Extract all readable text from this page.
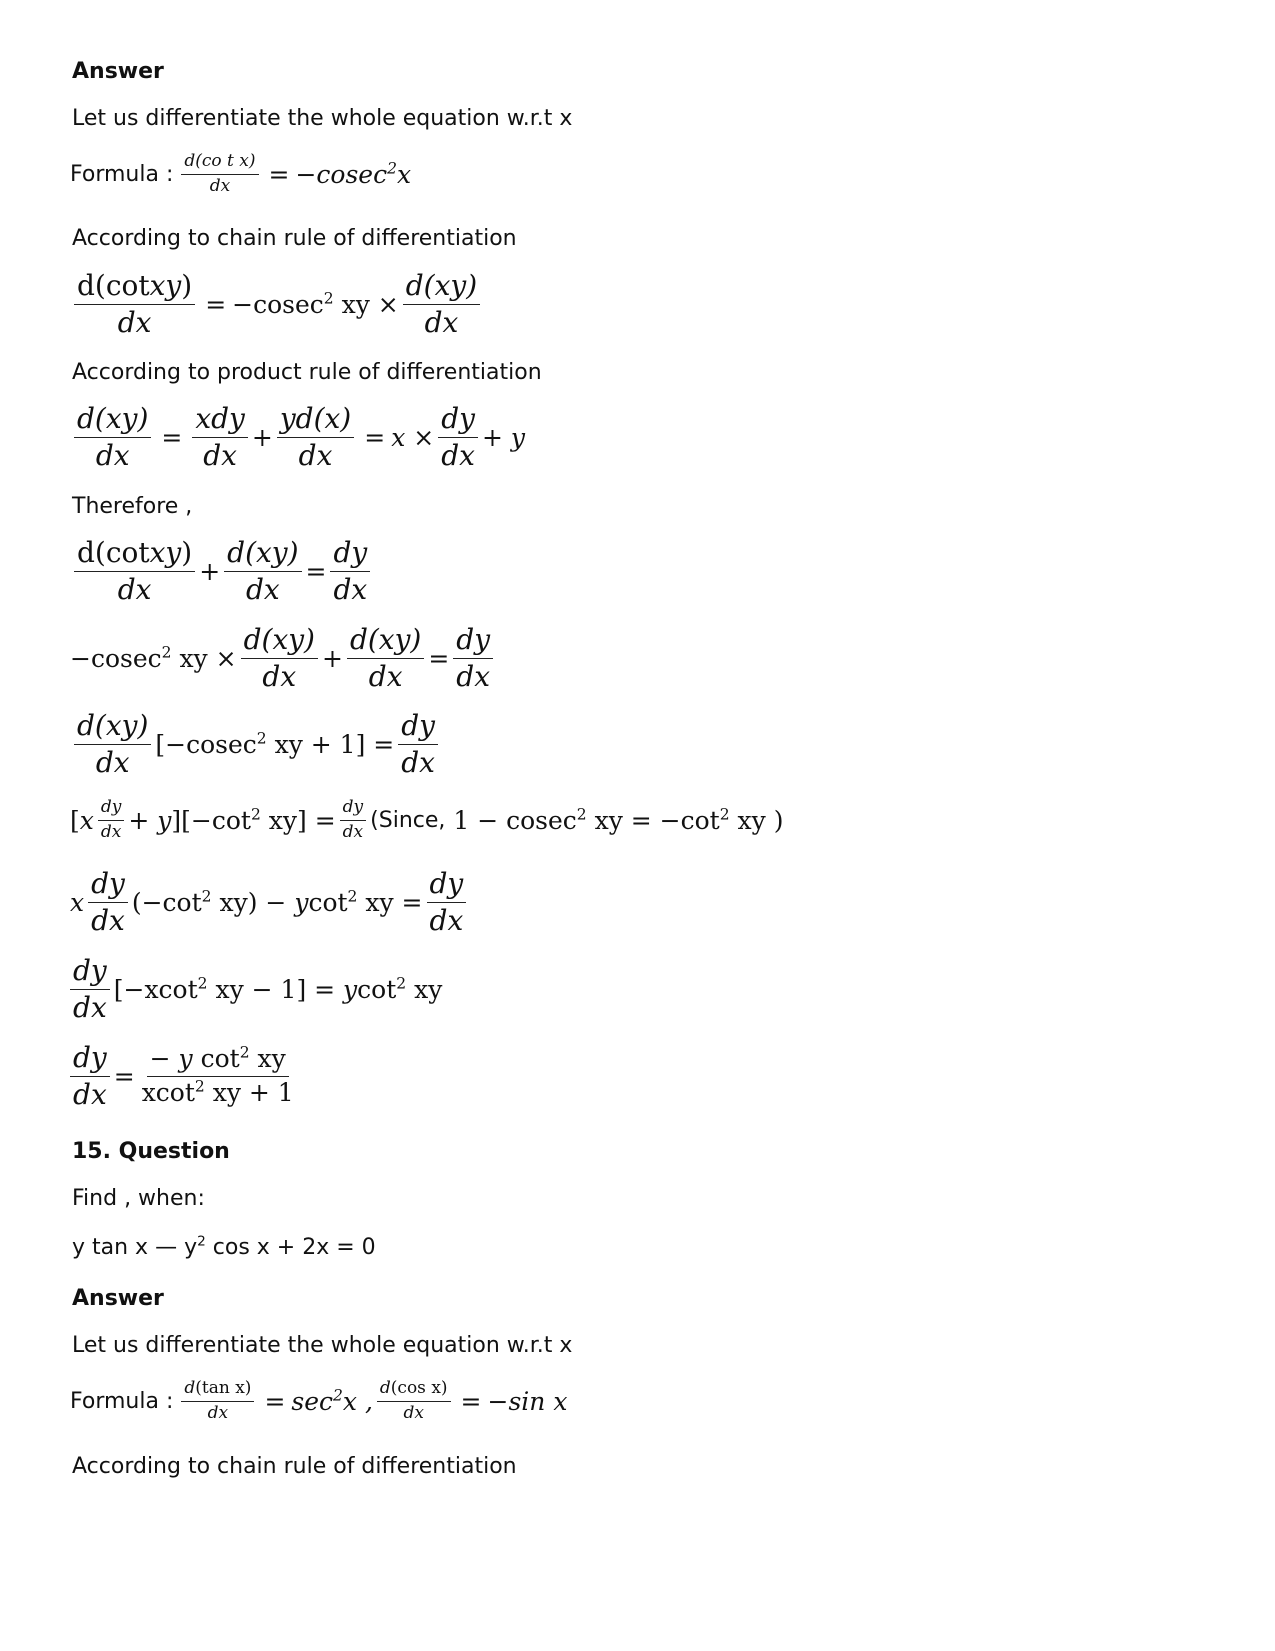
Answer
Let us differentiate the whole equation w.r.t x
Formula : $\frac{\text{d(co t x)}}{dx} = -cosec^2x$
According to chain rule of differentiation
$\frac{\text{d(cotxy)}}{dx} = -cosec^2$ xy × $\frac{d(xy)}{dx}$
According to product rule of differentiation
$\frac{d(xy)}{dx} = \frac{\text{xdy}}{dx} + \frac{yd(x)}{dx} = x \times \frac{dy}{dx} + y$
Therefore ,
$\frac{\text{d(cotxy)}}{dx} + \frac{d(xy)}{dx} = \frac{dy}{dx}$
−cosec$^2$ xy × $\frac{d(xy)}{dx} + \frac{d(xy)}{dx} = \frac{dy}{dx}$
$\frac{d(xy)}{dx} [-cosec^2$ xy + $1] = \frac{dy}{dx}$
$[x \frac{dy}{dx} + y][-\cot^2$ $xy] = \frac{dy}{dx}$ (Since, 1 − cosec$^2$ xy = $-\cot^2$ xy )
x $\frac{dy}{dx} (-\cot^2$ xy) − ycot$^2$ xy = $\frac{dy}{dx}$
$\frac{dy}{dx} [-xcot^2$ xy − 1] = ycot$^2$ xy
$\frac{dy}{dx} = \frac{- y \cot^2 xy}{xcot^2 xy + 1}$
15. Question
Find , when:
y tan x — $y^2$ cos x + 2x = 0
Answer
Let us differentiate the whole equation w.r.t x
Formula : $\frac{\text{d(tan x)}}{dx} = \sec^2x$ , $\frac{\text{d(cos x)}}{dx} = -\sin$ x
According to chain rule of differentiation
